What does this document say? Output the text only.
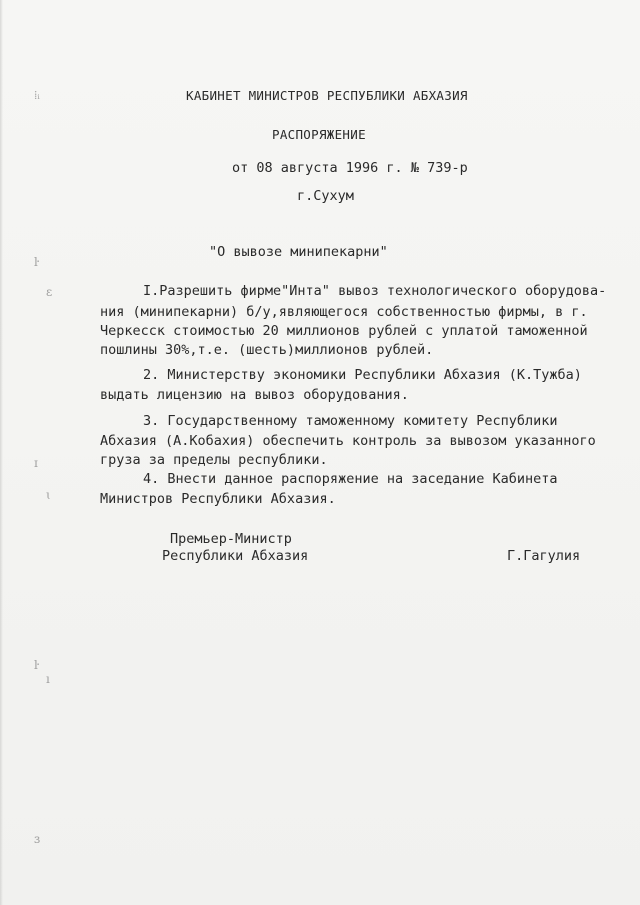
⁞ᵢ
ŀ
ɛ
ɪ
ɩ
ŀ
ı
ɜ
КАБИНЕТ МИНИСТРОВ РЕСПУБЛИКИ АБХАЗИЯ
РАСПОРЯЖЕНИЕ
от 08 августа 1996 г. № 739-р
г.Сухум
"О вывозе минипекарни"
I.Разрешить фирме"Инта" вывоз технологического оборудова-
ния (минипекарни) б/у,являющегося собственностью фирмы, в г.
Черкесск стоимостью 20 миллионов рублей с уплатой таможенной
пошлины 30%,т.е. (шесть)миллионов рублей.
2. Министерству экономики Республики Абхазия (К.Тужба)
выдать лицензию на вывоз оборудования.
3. Государственному таможенному комитету Республики
Абхазия (А.Кобахия) обеспечить контроль за вывозом указанного
груза за пределы республики.
4. Внести данное распоряжение на заседание Кабинета
Министров Республики Абхазия.
Премьер-Министр
Республики Абхазия	Г.Гагулия
